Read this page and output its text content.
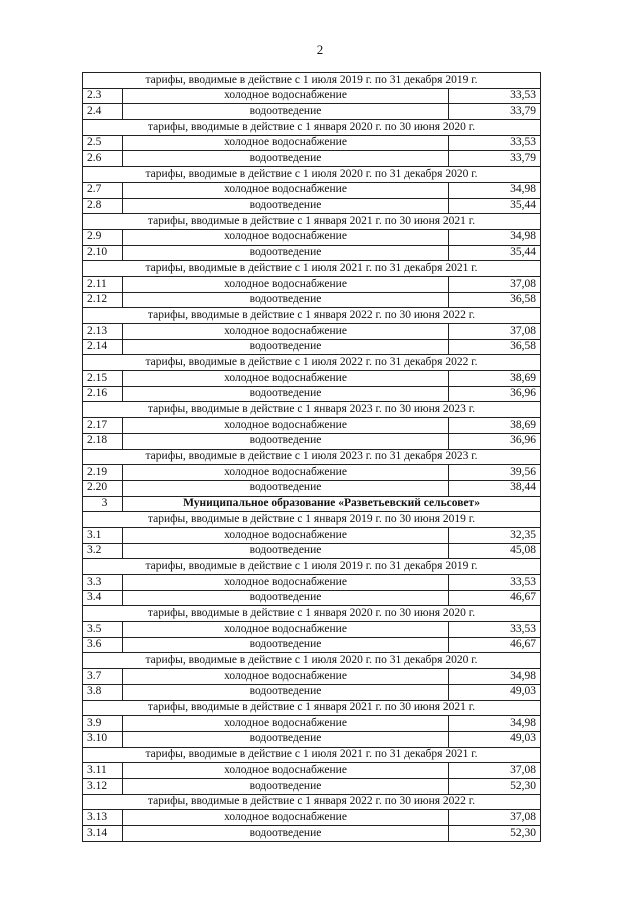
2
тарифы, вводимые в действие с 1 июля 2019 г. по 31 декабря 2019 г.		
2.3	холодное водоснабжение	33,53
2.4	водоотведение	33,79
тарифы, вводимые в действие с 1 января 2020 г. по 30 июня 2020 г.		
2.5	холодное водоснабжение	33,53
2.6	водоотведение	33,79
тарифы, вводимые в действие с 1 июля 2020 г. по 31 декабря 2020 г.		
2.7	холодное водоснабжение	34,98
2.8	водоотведение	35,44
тарифы, вводимые в действие с 1 января 2021 г. по 30 июня 2021 г.		
2.9	холодное водоснабжение	34,98
2.10	водоотведение	35,44
тарифы, вводимые в действие с 1 июля 2021 г. по 31 декабря 2021 г.		
2.11	холодное водоснабжение	37,08
2.12	водоотведение	36,58
тарифы, вводимые в действие с 1 января 2022 г. по 30 июня 2022 г.		
2.13	холодное водоснабжение	37,08
2.14	водоотведение	36,58
тарифы, вводимые в действие с 1 июля 2022 г. по 31 декабря 2022 г.		
2.15	холодное водоснабжение	38,69
2.16	водоотведение	36,96
тарифы, вводимые в действие с 1 января 2023 г. по 30 июня 2023 г.		
2.17	холодное водоснабжение	38,69
2.18	водоотведение	36,96
тарифы, вводимые в действие с 1 июля 2023 г. по 31 декабря 2023 г.		
2.19	холодное водоснабжение	39,56
2.20	водоотведение	38,44
3	Муниципальное образование «Разветьевский сельсовет»	
тарифы, вводимые в действие с 1 января 2019 г. по 30 июня 2019 г.		
3.1	холодное водоснабжение	32,35
3.2	водоотведение	45,08
тарифы, вводимые в действие с 1 июля 2019 г. по 31 декабря 2019 г.		
3.3	холодное водоснабжение	33,53
3.4	водоотведение	46,67
тарифы, вводимые в действие с 1 января 2020 г. по 30 июня 2020 г.		
3.5	холодное водоснабжение	33,53
3.6	водоотведение	46,67
тарифы, вводимые в действие с 1 июля 2020 г. по 31 декабря 2020 г.		
3.7	холодное водоснабжение	34,98
3.8	водоотведение	49,03
тарифы, вводимые в действие с 1 января 2021 г. по 30 июня 2021 г.		
3.9	холодное водоснабжение	34,98
3.10	водоотведение	49,03
тарифы, вводимые в действие с 1 июля 2021 г. по 31 декабря 2021 г.		
3.11	холодное водоснабжение	37,08
3.12	водоотведение	52,30
тарифы, вводимые в действие с 1 января 2022 г. по 30 июня 2022 г.		
3.13	холодное водоснабжение	37,08
3.14	водоотведение	52,30
